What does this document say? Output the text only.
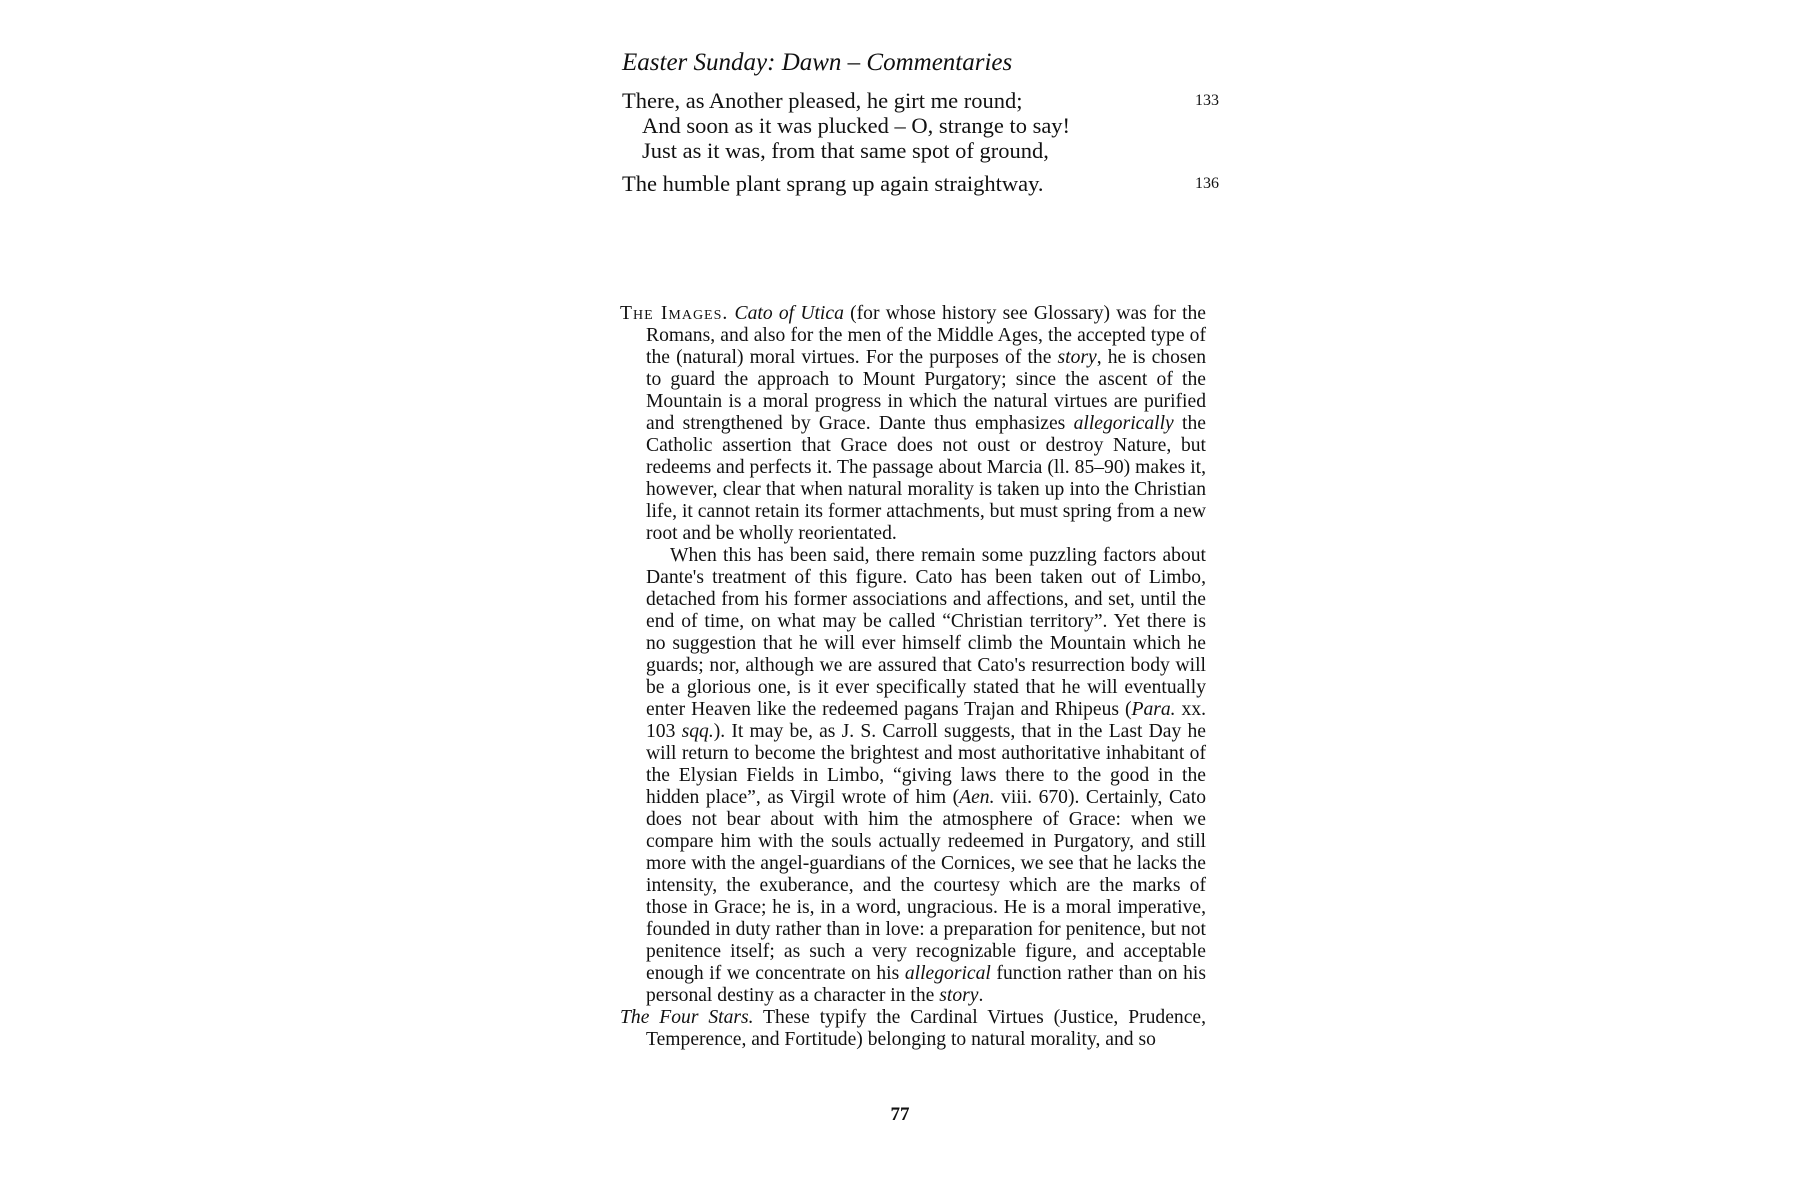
Easter Sunday: Dawn – Commentaries
There, as Another pleased, he girt me round;	133
And soon as it was plucked – O, strange to say!
Just as it was, from that same spot of ground,
The humble plant sprang up again straightway.	136

The Images. Cato of Utica (for whose history see Glossary) was for the Romans, and also for the men of the Middle Ages, the accepted type of the (natural) moral virtues. For the purposes of the story, he is chosen to guard the approach to Mount Purgatory; since the ascent of the Mountain is a moral progress in which the natural virtues are purified and strengthened by Grace. Dante thus emphasizes allegorically the Catholic assertion that Grace does not oust or destroy Nature, but redeems and perfects it. The passage about Marcia (ll. 85–90) makes it, however, clear that when natural morality is taken up into the Christian life, it cannot retain its former attachments, but must spring from a new root and be wholly reorientated.

When this has been said, there remain some puzzling factors about Dante's treatment of this figure. Cato has been taken out of Limbo, detached from his former associations and affections, and set, until the end of time, on what may be called “Christian territory”. Yet there is no suggestion that he will ever himself climb the Mountain which he guards; nor, although we are assured that Cato's resurrection body will be a glorious one, is it ever specifically stated that he will eventually enter Heaven like the redeemed pagans Trajan and Rhipeus (Para. xx. 103 sqq.). It may be, as J. S. Carroll suggests, that in the Last Day he will return to become the brightest and most authoritative inhabitant of the Elysian Fields in Limbo, “giving laws there to the good in the hidden place”, as Virgil wrote of him (Aen. viii. 670). Certainly, Cato does not bear about with him the atmosphere of Grace: when we compare him with the souls actually redeemed in Purgatory, and still more with the angel-guardians of the Cornices, we see that he lacks the intensity, the exuberance, and the courtesy which are the marks of those in Grace; he is, in a word, ungracious. He is a moral imperative, founded in duty rather than in love: a preparation for penitence, but not penitence itself; as such a very recognizable figure, and acceptable enough if we concentrate on his allegorical function rather than on his personal destiny as a character in the story.

The Four Stars. These typify the Cardinal Virtues (Justice, Prudence, Temperence, and Fortitude) belonging to natural morality, and so

77
